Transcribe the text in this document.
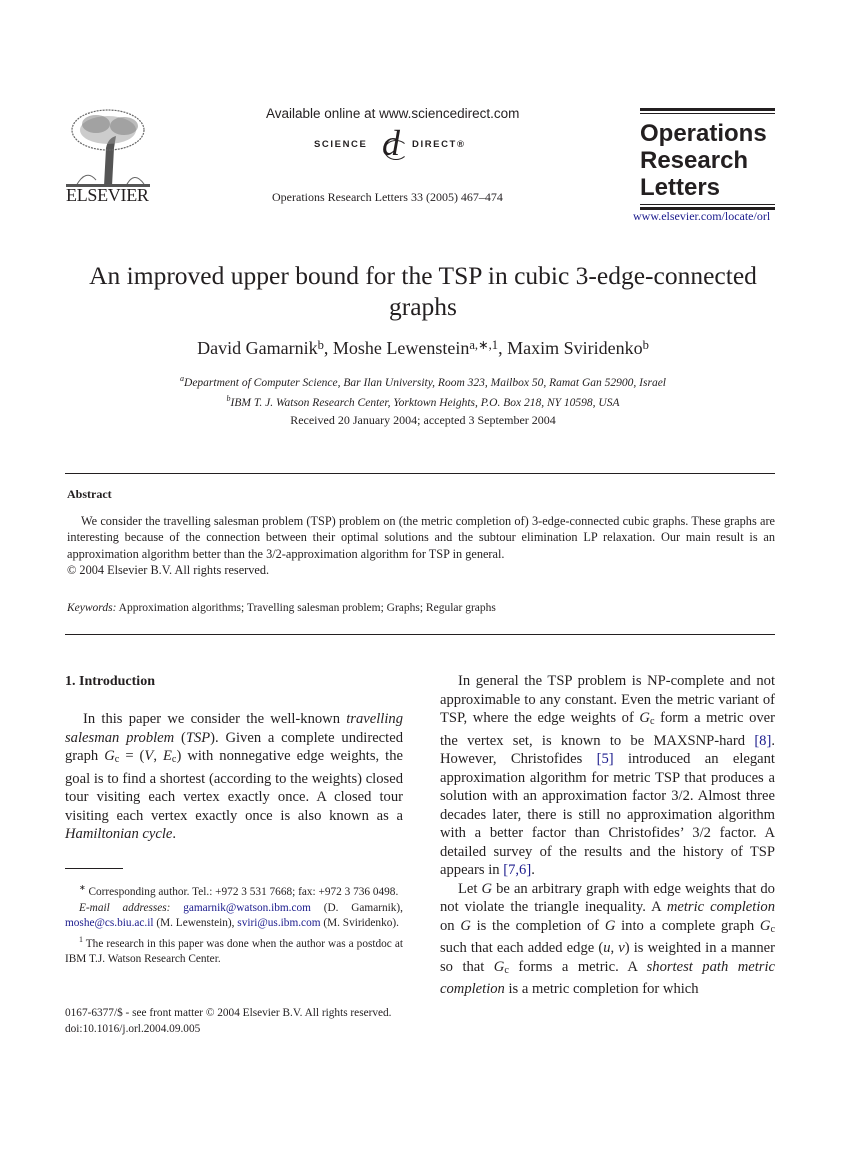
ELSEVIER
Available online at www.sciencedirect.com
SCIENCE d DIRECT®
Operations Research Letters 33 (2005) 467–474
Operations
Research
Letters
www.elsevier.com/locate/orl
An improved upper bound for the TSP in cubic 3-edge-connected
graphs
David Gamarnik$^b$, Moshe Lewenstein$^{a,∗,1}$, Maxim Sviridenko$^b$
$^a$Department of Computer Science, Bar Ilan University, Room 323, Mailbox 50, Ramat Gan 52900, Israel
$^b$IBM T. J. Watson Research Center, Yorktown Heights, P.O. Box 218, NY 10598, USA
Received 20 January 2004; accepted 3 September 2004
Abstract
We consider the travelling salesman problem (TSP) problem on (the metric completion of) 3-edge-connected cubic graphs. These graphs are interesting because of the connection between their optimal solutions and the subtour elimination LP relaxation. Our main result is an approximation algorithm better than the 3/2-approximation algorithm for TSP in general.
© 2004 Elsevier B.V. All rights reserved.
Keywords: Approximation algorithms; Travelling salesman problem; Graphs; Regular graphs
1. Introduction

In this paper we consider the well-known travelling salesman problem (TSP). Given a complete undirected graph Gc = (V, Ec) with nonnegative edge weights, the goal is to find a shortest (according to the weights) closed tour visiting each vertex exactly once. A closed tour visiting each vertex exactly once is also known as a Hamiltonian cycle.

∗ Corresponding author. Tel.: +972 3 531 7668; fax: +972 3 736 0498.
E-mail addresses: gamarnik@watson.ibm.com (D. Gamarnik), moshe@cs.biu.ac.il (M. Lewenstein), sviri@us.ibm.com (M. Sviridenko).
$^1$ The research in this paper was done when the author was a postdoc at IBM T.J. Watson Research Center.
0167-6377/$ - see front matter © 2004 Elsevier B.V. All rights reserved.
doi:10.1016/j.orl.2004.09.005

In general the TSP problem is NP-complete and not approximable to any constant. Even the metric variant of TSP, where the edge weights of Gc form a metric over the vertex set, is known to be MAXSNP-hard [8]. However, Christofides [5] introduced an elegant approximation algorithm for metric TSP that produces a solution with an approximation factor 3/2. Almost three decades later, there is still no approximation algorithm with a better factor than Christofides’ 3/2 factor. A detailed survey of the results and the history of TSP appears in [7,6].

Let G be an arbitrary graph with edge weights that do not violate the triangle inequality. A metric completion on G is the completion of G into a complete graph Gc such that each added edge (u, v) is weighted in a manner so that Gc forms a metric. A shortest path metric completion is a metric completion for which
